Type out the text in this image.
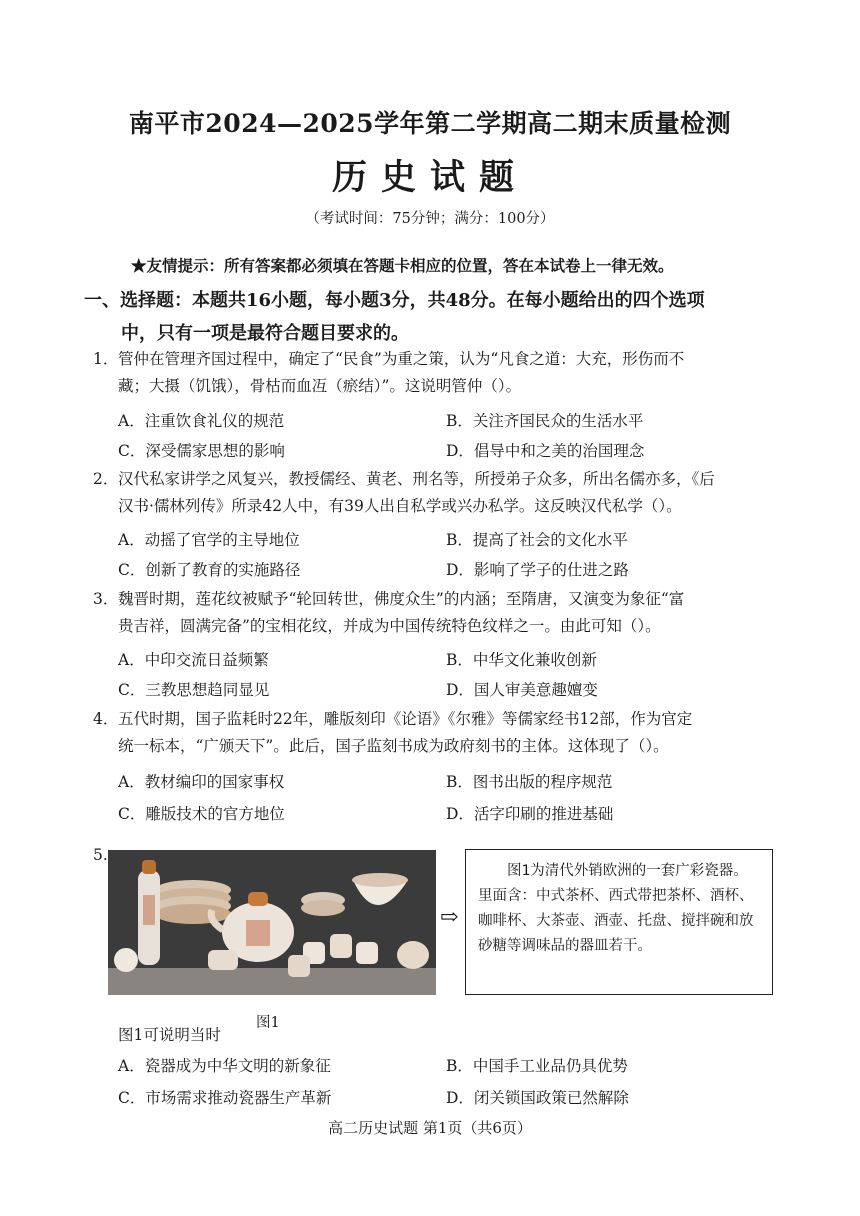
南平市2024—2025学年第二学期高二期末质量检测
历史试题
（考试时间：75分钟；满分：100分）
★友情提示：所有答案都必须填在答题卡相应的位置，答在本试卷上一律无效。
一、选择题：本题共16小题，每小题3分，共48分。在每小题给出的四个选项
中，只有一项是最符合题目要求的。
1．管仲在管理齐国过程中，确定了“民食”为重之策，认为“凡食之道：大充，形伤而不
藏；大摄（饥饿），骨枯而血冱（瘀结）”。这说明管仲（）。
A．注重饮食礼仪的规范	B．关注齐国民众的生活水平
C．深受儒家思想的影响	D．倡导中和之美的治国理念
2．汉代私家讲学之风复兴，教授儒经、黄老、刑名等，所授弟子众多，所出名儒亦多，《后
汉书·儒林列传》所录42人中，有39人出自私学或兴办私学。这反映汉代私学（）。
A．动摇了官学的主导地位	B．提高了社会的文化水平
C．创新了教育的实施路径	D．影响了学子的仕进之路
3．魏晋时期，莲花纹被赋予“轮回转世，佛度众生”的内涵；至隋唐，又演变为象征“富
贵吉祥，圆满完备”的宝相花纹，并成为中国传统特色纹样之一。由此可知（）。
A．中印交流日益频繁	B．中华文化兼收创新
C．三教思想趋同显见	D．国人审美意趣嬗变
4．五代时期，国子监耗时22年，雕版刻印《论语》《尔雅》等儒家经书12部，作为官定
统一标本，“广颁天下”。此后，国子监刻书成为政府刻书的主体。这体现了（）。
A．教材编印的国家事权	B．图书出版的程序规范
C．雕版技术的官方地位	D．活字印刷的推进基础
5.
⇨
图1为清代外销欧洲的一套广彩瓷器。里面含：中式茶杯、西式带把茶杯、酒杯、咖啡杯、大茶壶、酒壶、托盘、搅拌碗和放砂糖等调味品的器皿若干。
图1
图1可说明当时
A．瓷器成为中华文明的新象征	B．中国手工业品仍具优势
C．市场需求推动瓷器生产革新	D．闭关锁国政策已然解除
高二历史试题 第1页（共6页）
